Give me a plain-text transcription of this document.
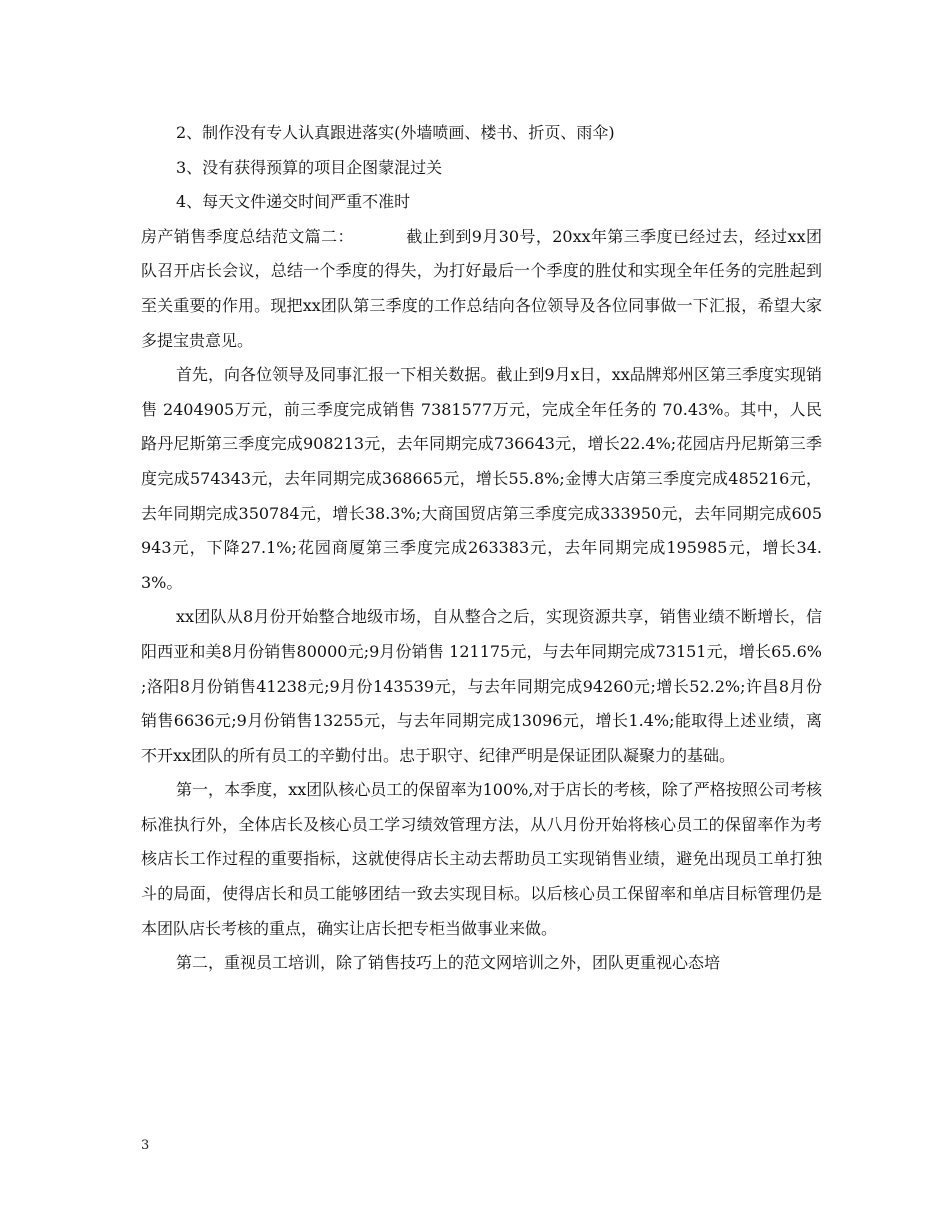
2、制作没有专人认真跟进落实(外墙喷画、楼书、折页、雨伞)

3、没有获得预算的项目企图蒙混过关

4、每天文件递交时间严重不准时

房产销售季度总结范文篇二：	截止到到9月30号，20xx年第三季度已经过去，经过xx团队召开店长会议，总结一个季度的得失，为打好最后一个季度的胜仗和实现全年任务的完胜起到至关重要的作用。现把xx团队第三季度的工作总结向各位领导及各位同事做一下汇报，希望大家多提宝贵意见。

首先，向各位领导及同事汇报一下相关数据。截止到9月x日，xx品牌郑州区第三季度实现销售 2404905万元，前三季度完成销售 7381577万元，完成全年任务的 70.43%。其中，人民路丹尼斯第三季度完成908213元，去年同期完成736643元，增长22.4%;花园店丹尼斯第三季度完成574343元，去年同期完成368665元，增长55.8%;金博大店第三季度完成485216元，去年同期完成350784元，增长38.3%;大商国贸店第三季度完成333950元，去年同期完成605943元，下降27.1%;花园商厦第三季度完成263383元，去年同期完成195985元，增长34.3%。

xx团队从8月份开始整合地级市场，自从整合之后，实现资源共享，销售业绩不断增长，信阳西亚和美8月份销售80000元;9月份销售 121175元，与去年同期完成73151元，增长65.6% ;洛阳8月份销售41238元;9月份143539元，与去年同期完成94260元;增长52.2%;许昌8月份销售6636元;9月份销售13255元，与去年同期完成13096元，增长1.4%;能取得上述业绩，离不开xx团队的所有员工的辛勤付出。忠于职守、纪律严明是保证团队凝聚力的基础。

第一，本季度，xx团队核心员工的保留率为100%,对于店长的考核，除了严格按照公司考核标准执行外，全体店长及核心员工学习绩效管理方法，从八月份开始将核心员工的保留率作为考核店长工作过程的重要指标，这就使得店长主动去帮助员工实现销售业绩，避免出现员工单打独斗的局面，使得店长和员工能够团结一致去实现目标。以后核心员工保留率和单店目标管理仍是本团队店长考核的重点，确实让店长把专柜当做事业来做。

第二，重视员工培训，除了销售技巧上的范文网培训之外，团队更重视心态培

3
